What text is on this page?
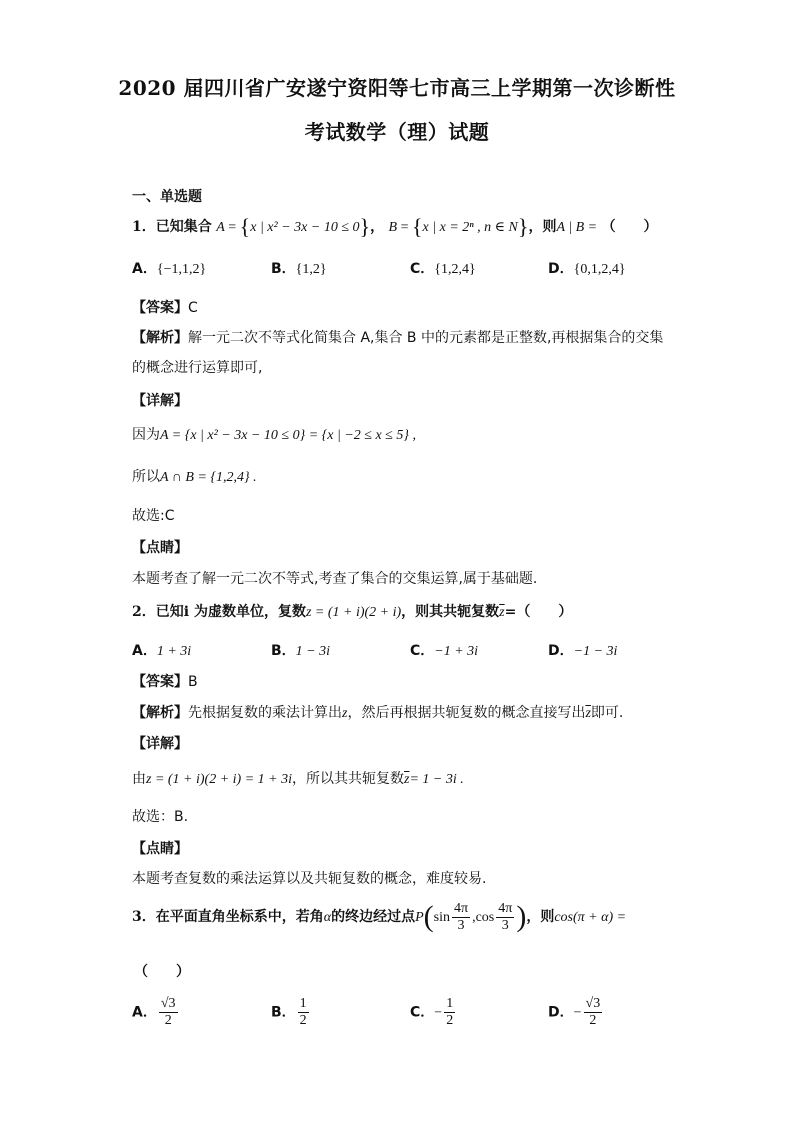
2020 届四川省广安遂宁资阳等七市高三上学期第一次诊断性
考试数学（理）试题
一、单选题
1．已知集合 A = {x | x² − 3x − 10 ≤ 0}， B = {x | x = 2ⁿ , n ∈ N}，则A | B = （　　）
A．{−1,1,2}	B．{1,2}	C．{1,2,4}	D．{0,1,2,4}
【答案】C
【解析】解一元二次不等式化简集合 A,集合 B 中的元素都是正整数,再根据集合的交集
的概念进行运算即可,
【详解】
因为A = {x | x² − 3x − 10 ≤ 0} = {x | −2 ≤ x ≤ 5} ,
所以A ∩ B = {1,2,4} .
故选:C
【点睛】
本题考查了解一元二次不等式,考查了集合的交集运算,属于基础题.
2．已知i 为虚数单位，复数z = (1 + i)(2 + i)，则其共轭复数$\overline{z}=$（　　）
A．1 + 3i	B．1 − 3i	C．−1 + 3i	D．−1 − 3i
【答案】B
【解析】先根据复数的乘法计算出z，然后再根据共轭复数的概念直接写出$\overline{z}$即可.
【详解】
由z = (1 + i)(2 + i) = 1 + 3i，所以其共轭复数$\overline{z}= 1 - 3i$ .
故选：B.
【点睛】
本题考查复数的乘法运算以及共轭复数的概念，难度较易.
3．在平面直角坐标系中，若角α的终边经过点$P(\sin \frac{4\pi}{3} ,\cos \frac{4\pi}{3}$ )，则cos(π + α) =
（　　）
A． $\frac{√3}{2}$	B． $\frac{1}{2}$	C．− $\frac{1}{2}$	D．− $\frac{√3}{2}$
